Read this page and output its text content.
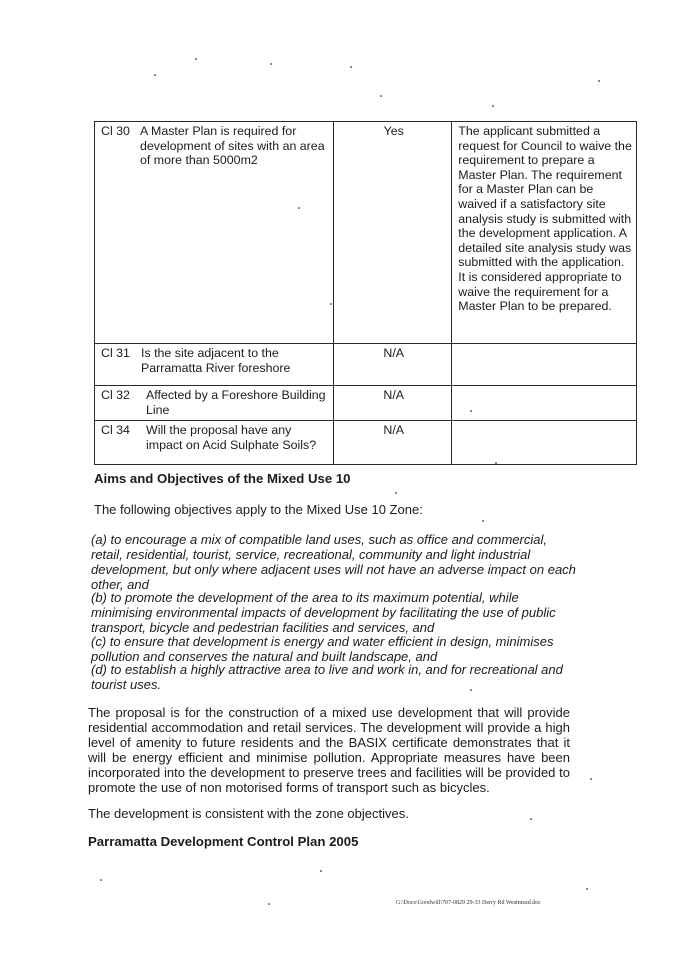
Cl 30 A Master Plan is required for development of sites with an area of more than 5000m2	Yes	The applicant submitted a request for Council to waive the requirement to prepare a Master Plan. The requirement for a Master Plan can be waived if a satisfactory site analysis study is submitted with the development application. A detailed site analysis study was submitted with the application. It is considered appropriate to waive the requirement for a Master Plan to be prepared.

Cl 31 Is the site adjacent to the Parramatta River foreshore	N/A	

Cl 32 Affected by a Foreshore Building Line	N/A	

Cl 34 Will the proposal have any impact on Acid Sulphate Soils?	N/A	
Aims and Objectives of the Mixed Use 10
The following objectives apply to the Mixed Use 10 Zone:
(a) to encourage a mix of compatible land uses, such as office and commercial, retail, residential, tourist, service, recreational, community and light industrial development, but only where adjacent uses will not have an adverse impact on each other, and
(b) to promote the development of the area to its maximum potential, while minimising environmental impacts of development by facilitating the use of public transport, bicycle and pedestrian facilities and services, and
(c) to ensure that development is energy and water efficient in design, minimises pollution and conserves the natural and built landscape, and
(d) to establish a highly attractive area to live and work in, and for recreational and tourist uses.
The proposal is for the construction of a mixed use development that will provide residential accommodation and retail services. The development will provide a high level of amenity to future residents and the BASIX certificate demonstrates that it will be energy efficient and minimise pollution. Appropriate measures have been incorporated into the development to preserve trees and facilities will be provided to promote the use of non motorised forms of transport such as bicycles.
The development is consistent with the zone objectives.
Parramatta Development Control Plan 2005
G:\Docs\Goodwill\707-0829 29-33 Derry Rd Westmead.doc
